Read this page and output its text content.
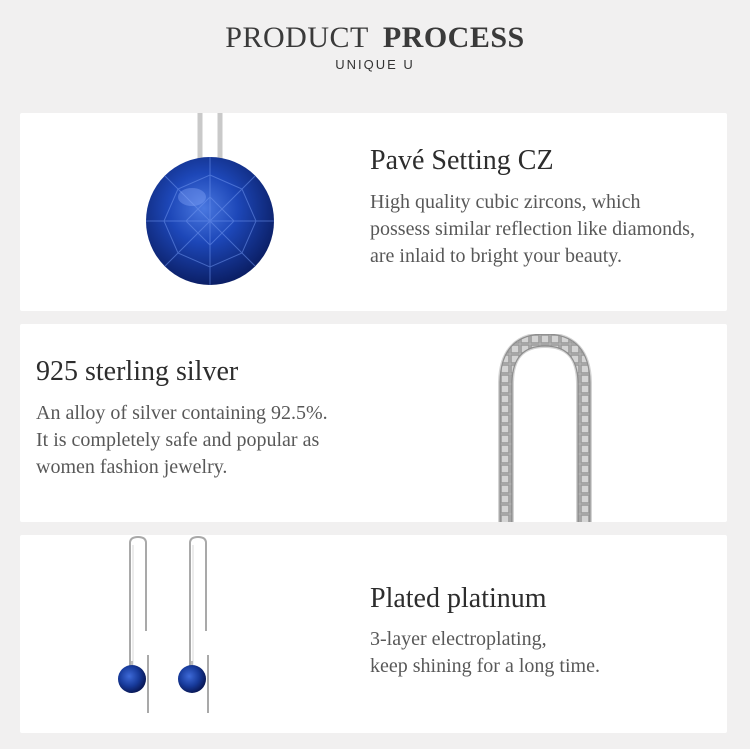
PRODUCT PROCESS
UNIQUE U
Pavé Setting CZ
High quality cubic zircons, which
possess similar reflection like diamonds,
are inlaid to bright your beauty.
925 sterling silver
An alloy of silver containing 92.5%.
It is completely safe and popular as
women fashion jewelry.
Plated platinum
3-layer electroplating,
keep shining for a long time.
